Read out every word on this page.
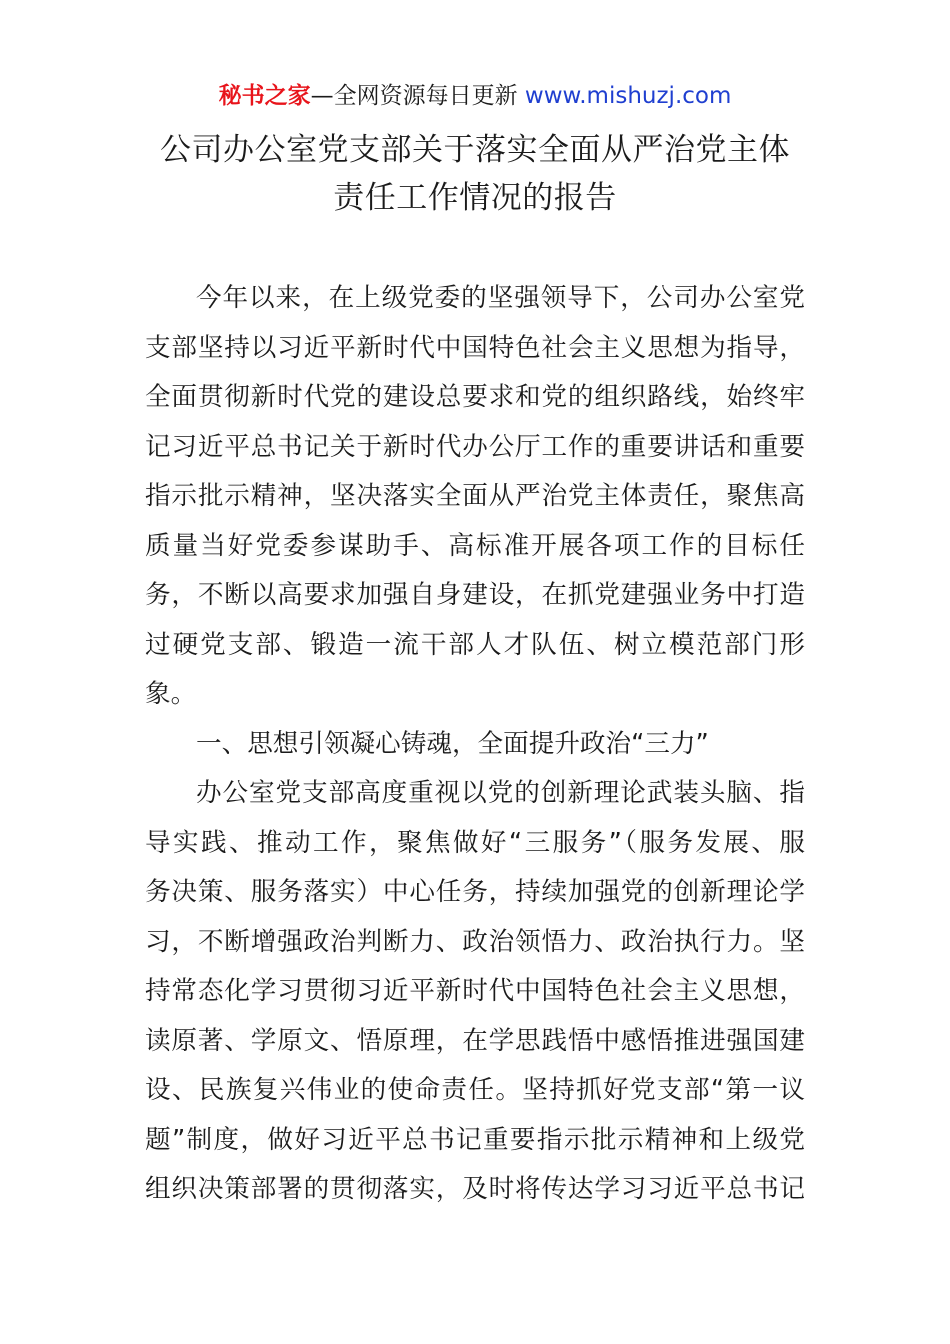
秘书之家—全网资源每日更新 www.mishuzj.com
公司办公室党支部关于落实全面从严治党主体
责任工作情况的报告
今年以来，在上级党委的坚强领导下，公司办公室党
支部坚持以习近平新时代中国特色社会主义思想为指导，
全面贯彻新时代党的建设总要求和党的组织路线，始终牢
记习近平总书记关于新时代办公厅工作的重要讲话和重要
指示批示精神，坚决落实全面从严治党主体责任，聚焦高
质量当好党委参谋助手、高标准开展各项工作的目标任
务，不断以高要求加强自身建设，在抓党建强业务中打造
过硬党支部、锻造一流干部人才队伍、树立模范部门形
象。
一、思想引领凝心铸魂，全面提升政治“三力”
办公室党支部高度重视以党的创新理论武装头脑、指
导实践、推动工作，聚焦做好“三服务”（服务发展、服
务决策、服务落实）中心任务，持续加强党的创新理论学
习，不断增强政治判断力、政治领悟力、政治执行力。坚
持常态化学习贯彻习近平新时代中国特色社会主义思想，
读原著、学原文、悟原理，在学思践悟中感悟推进强国建
设、民族复兴伟业的使命责任。坚持抓好党支部“第一议
题”制度，做好习近平总书记重要指示批示精神和上级党
组织决策部署的贯彻落实，及时将传达学习习近平总书记
